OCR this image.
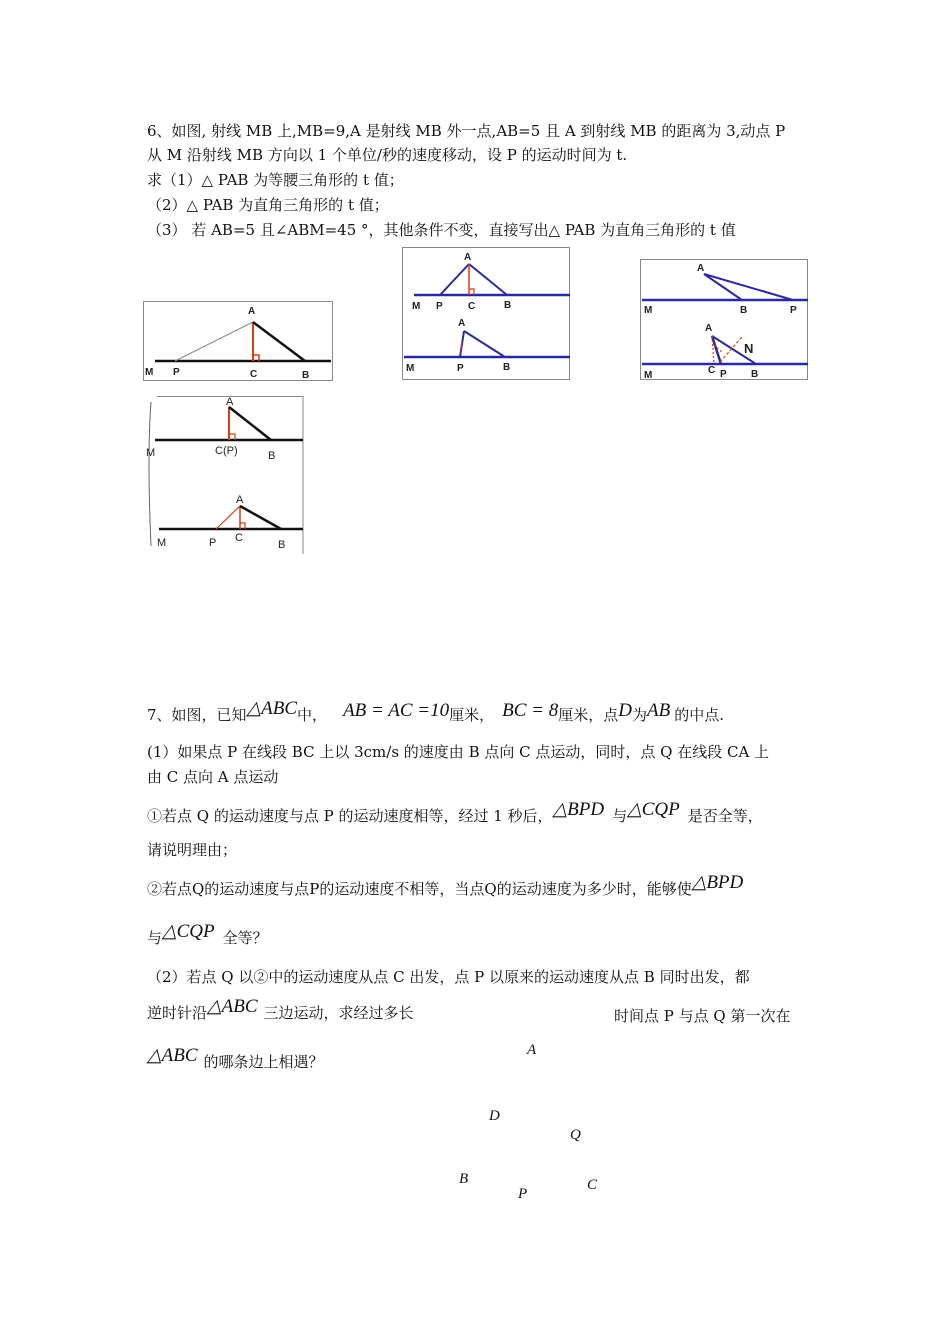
6、如图, 射线 MB 上,MB=9,A 是射线 MB 外一点,AB=5 且 A 到射线 MB 的距离为 3,动点 P
从 M 沿射线 MB 方向以 1 个单位/秒的速度移动，设 P 的运动时间为 t.
求（1）△ PAB 为等腰三角形的 t 值；
（2）△ PAB 为直角三角形的 t 值；
（3） 若 AB=5 且∠ABM=45 °，其他条件不变，直接写出△ PAB 为直角三角形的 t 值
A
M P	C	B
A
M P	C	B
A
M	P	B
A
M	B	P
A
N
M	C P B
A
M	C(P)	B
A
M	P C
B
7、如图，已知△ABC中， AB = AC =10厘米， BC = 8厘米，点D为AB 的中点.
(1）如果点 P 在线段 BC 上以 3cm/s 的速度由 B 点向 C 点运动，同时，点 Q 在线段 CA 上
由 C 点向 A 点运动
①若点 Q 的运动速度与点 P 的运动速度相等，经过 1 秒后，△BPD 与△CQP 是否全等，
请说明理由；
②若点Q的运动速度与点P的运动速度不相等，当点Q的运动速度为多少时，能够使△BPD
与△CQP 全等？
（2）若点 Q 以②中的运动速度从点 C 出发，点 P 以原来的运动速度从点 B 同时出发，都
逆时针沿△ABC 三边运动，求经过多长	时间点 P 与点 Q 第一次在
△ABC 的哪条边上相遇？
A
D
Q
B
P
C
